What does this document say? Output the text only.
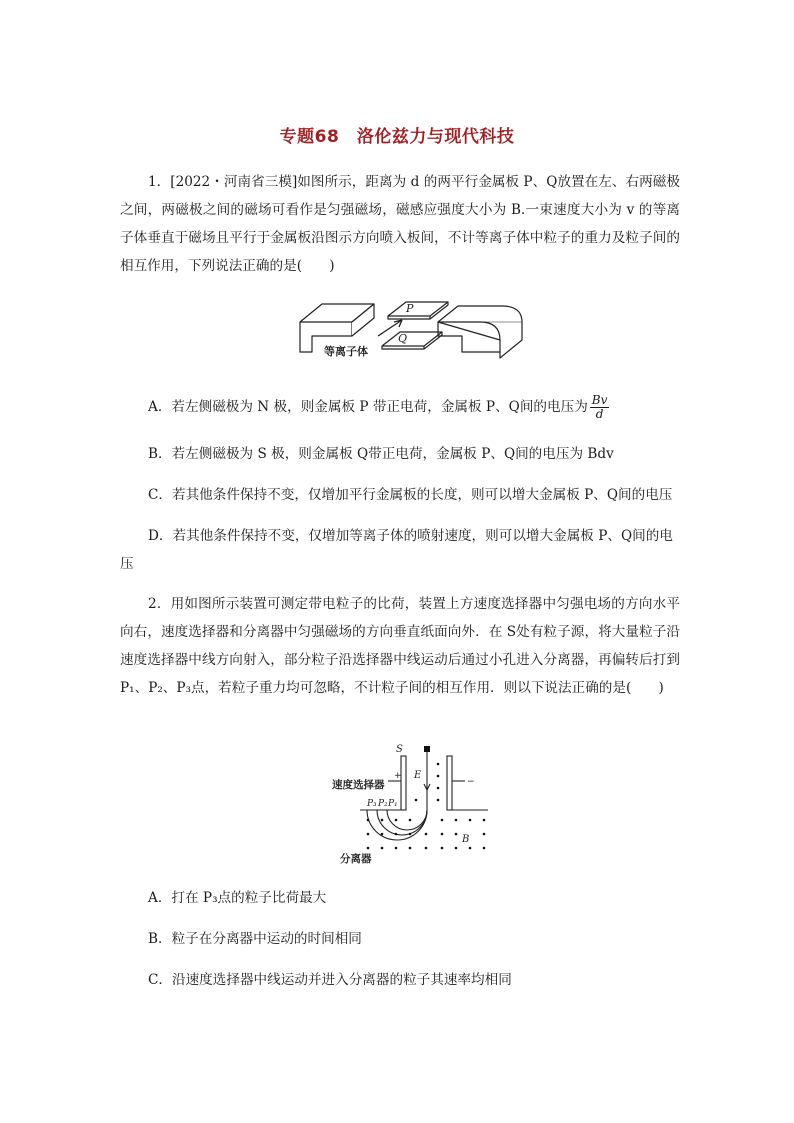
专题68　洛伦兹力与现代科技
1．[2022・河南省三模]如图所示，距离为 d 的两平行金属板 P、Q放置在左、右两磁极之间，两磁极之间的磁场可看作是匀强磁场，磁感应强度大小为 B.一束速度大小为 v 的等离子体垂直于磁场且平行于金属板沿图示方向喷入板间，不计等离子体中粒子的重力及粒子间的相互作用，下列说法正确的是(　　)
P
Q
等离子体
A．若左侧磁极为 N 极，则金属板 P 带正电荷，金属板 P、Q间的电压为 $\frac{Bv}{d}$
B．若左侧磁极为 S 极，则金属板 Q带正电荷，金属板 P、Q间的电压为 Bdv
C．若其他条件保持不变，仅增加平行金属板的长度，则可以增大金属板 P、Q间的电压
D．若其他条件保持不变，仅增加等离子体的喷射速度，则可以增大金属板 P、Q间的电压
2．用如图所示装置可测定带电粒子的比荷，装置上方速度选择器中匀强电场的方向水平向右，速度选择器和分离器中匀强磁场的方向垂直纸面向外．在 S处有粒子源，将大量粒子沿速度选择器中线方向射入，部分粒子沿选择器中线运动后通过小孔进入分离器，再偏转后打到 P₁、P₂、P₃点，若粒子重力均可忽略，不计粒子间的相互作用．则以下说法正确的是(　　)
S
E
B
+
−
速度选择器
分离器
P₃ P₂ P₁
A．打在 P₃点的粒子比荷最大
B．粒子在分离器中运动的时间相同
C．沿速度选择器中线运动并进入分离器的粒子其速率均相同
